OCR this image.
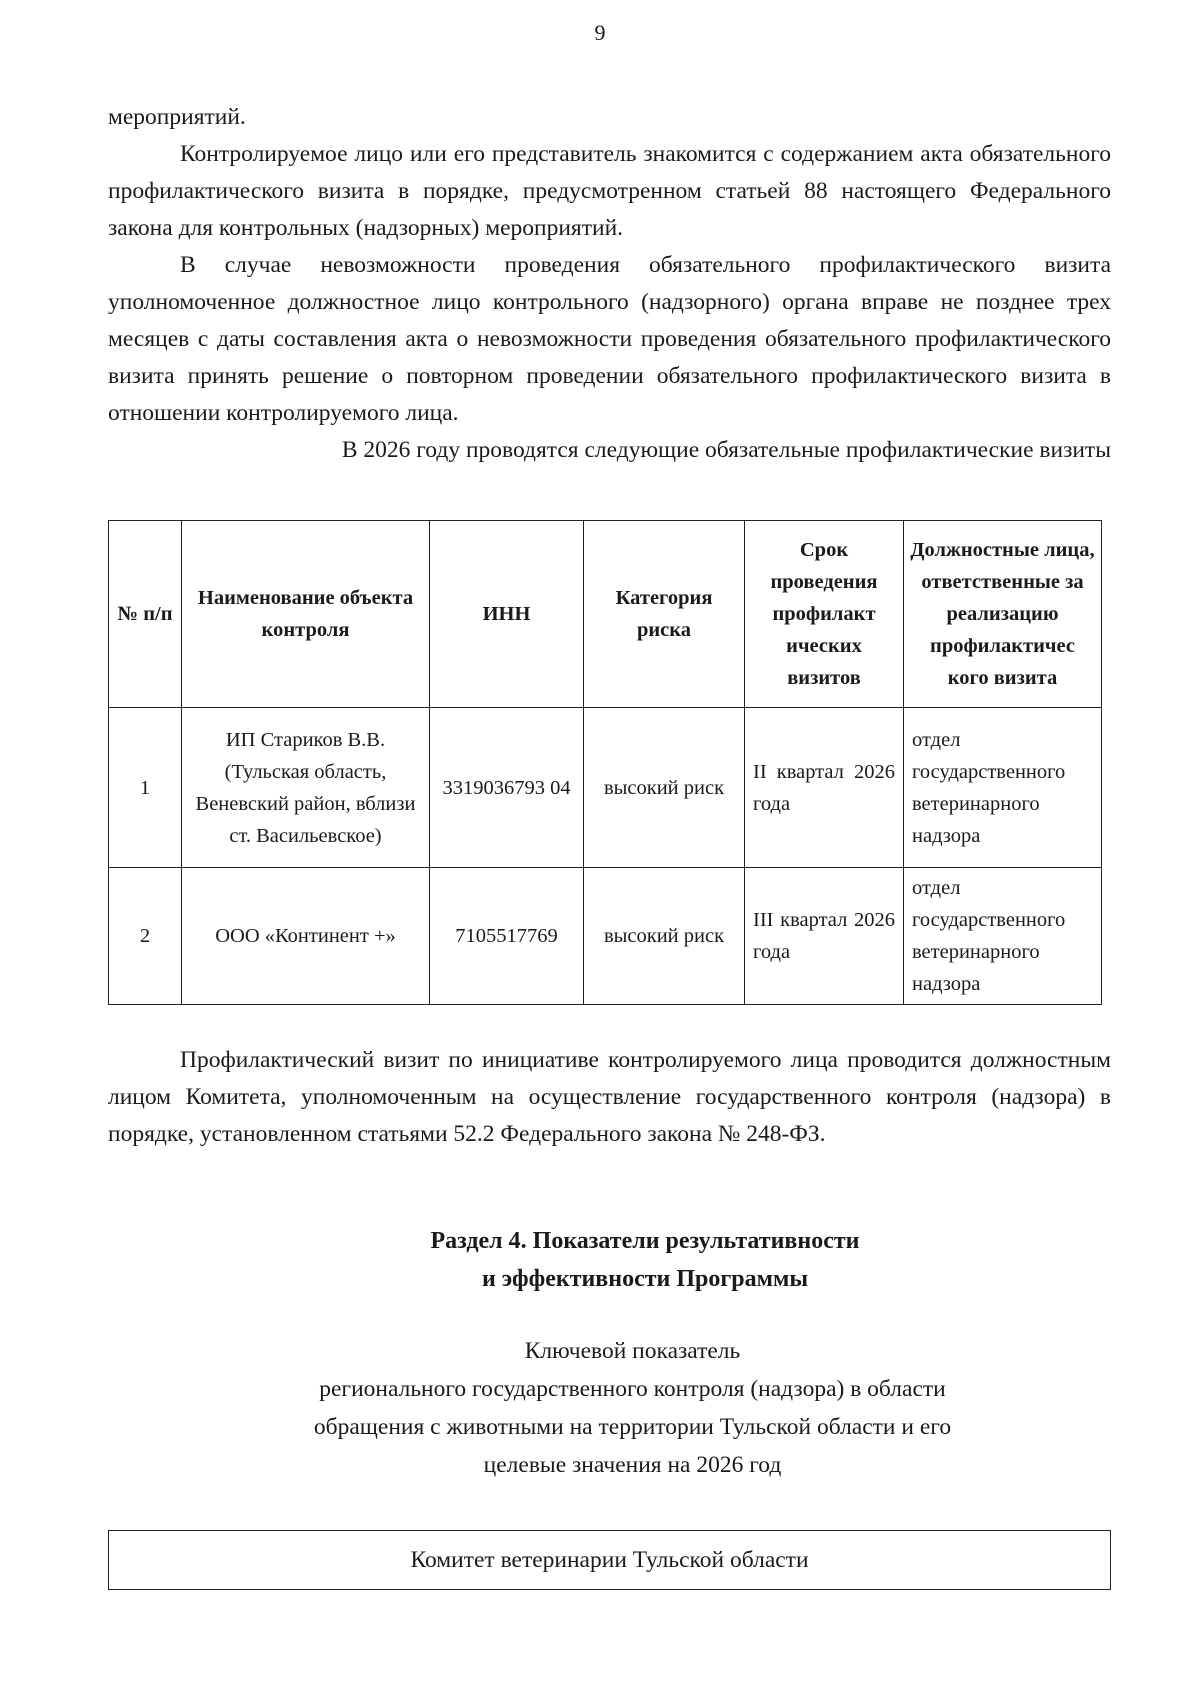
9

мероприятий.

Контролируемое лицо или его представитель знакомится с содержанием акта обязательного профилактического визита в порядке, предусмотренном статьей 88 настоящего Федерального закона для контрольных (надзорных) мероприятий.

В случае невозможности проведения обязательного профилактического визита уполномоченное должностное лицо контрольного (надзорного) органа вправе не позднее трех месяцев с даты составления акта о невозможности проведения обязательного профилактического визита принять решение о повторном проведении обязательного профилактического визита в отношении контролируемого лица.

В 2026 году проводятся следующие обязательные профилактические визиты

№ п/п	Наименование объекта контроля	ИНН	Категория риска	Срок проведения профилакт ических визитов	Должностные лица, ответственные за реализацию профилактичес кого визита
1	ИП Стариков В.В. (Тульская область, Веневский район, вблизи ст. Васильевское)	3319036793 04	высокий риск	II квартал 2026 года	отдел государственного ветеринарного надзора
2	ООО «Континент +»	7105517769	высокий риск	III квартал 2026 года	отдел государственного ветеринарного надзора

Профилактический визит по инициативе контролируемого лица проводится должностным лицом Комитета, уполномоченным на осуществление государственного контроля (надзора) в порядке, установленном статьями 52.2 Федерального закона № 248-ФЗ.

Раздел 4. Показатели результативности
и эффективности Программы
Ключевой показатель
регионального государственного контроля (надзора) в области
обращения с животными на территории Тульской области и его
целевые значения на 2026 год
Комитет ветеринарии Тульской области
